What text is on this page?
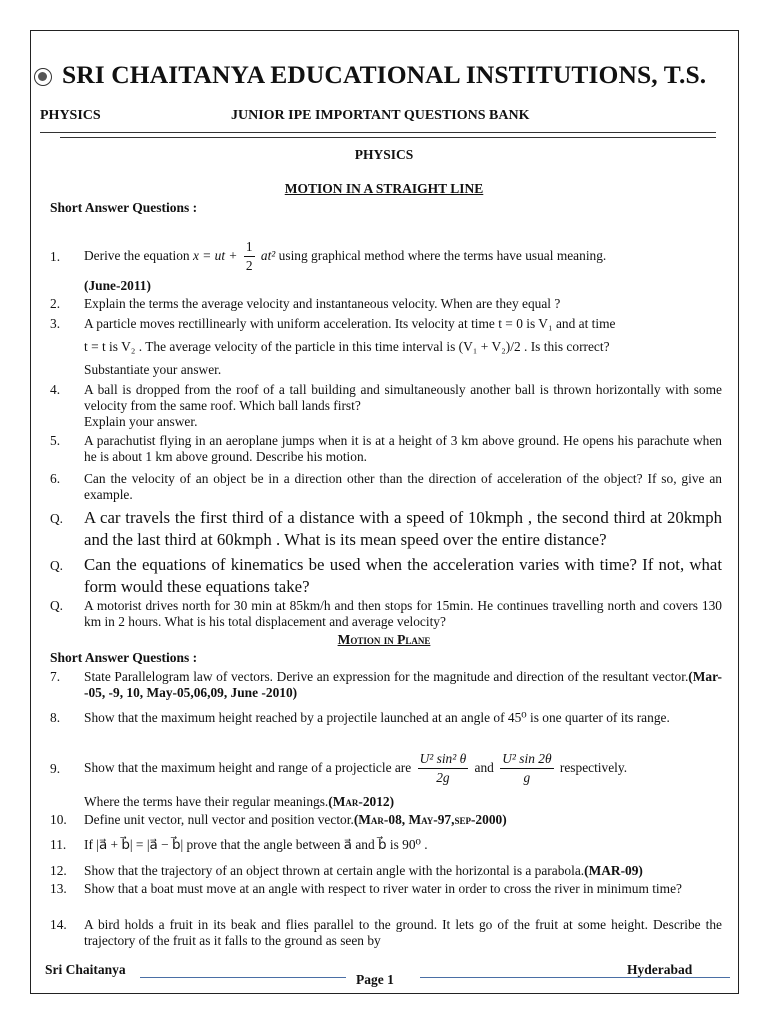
SRI CHAITANYA EDUCATIONAL INSTITUTIONS, T.S.
PHYSICS	JUNIOR IPE IMPORTANT QUESTIONS BANK
PHYSICS
MOTION IN A STRAIGHT LINE
Short Answer Questions :
1.	Derive the equation x = ut + $\frac{1}{2} at^2$ using graphical method where the terms have usual meaning.
(June-2011)
2.	Explain the terms the average velocity and instantaneous velocity. When are they equal ?
3.	A particle moves rectillinearly with uniform acceleration. Its velocity at time t = 0 is V₁ and at time
t = t is V₂ . The average velocity of the particle in this time interval is (V₁ + V₂)/2 . Is this correct?
Substantiate your answer.
4.	A ball is dropped from the roof of a tall building and simultaneously another ball is thrown horizontally with some velocity from the same roof. Which ball lands first?
Explain your answer.
5.	A parachutist flying in an aeroplane jumps when it is at a height of 3 km above ground. He opens his parachute when he is about 1 km above ground. Describe his motion.
6.	Can the velocity of an object be in a direction other than the direction of acceleration of the object? If so, give an example.
Q.	A car travels the first third of a distance with a speed of 10kmph , the second third at 20kmph and the last third at 60kmph . What is its mean speed over the entire distance?
Q.	Can the equations of kinematics be used when the acceleration varies with time? If not, what form would these equations take?
Q.	A motorist drives north for 30 min at 85km/h and then stops for 15min. He continues travelling north and covers 130 km in 2 hours. What is his total displacement and average velocity?
Motion in Plane
Short Answer Questions :
7.	State Parallelogram law of vectors. Derive an expression for the magnitude and direction of the resultant vector.(Mar- -05, -9, 10, May-05,06,09, June -2010)
8.	Show that the maximum height reached by a projectile launched at an angle of 45⁰ is one quarter of its range.
9.	Show that the maximum height and range of a projecticle are $\frac{\text{U² sin² θ}}{2g}$ and $\frac{\text{U² sin 2θ}}{g}$ respectively.
Where the terms have their regular meanings.(Mar-2012)
10.	Define unit vector, null vector and position vector.(Mar-08, May-97,sep-2000)
11.	If |a⃗ + b⃗| = |a⃗ − b⃗| prove that the angle between a⃗ and b⃗ is 90⁰ .
12.	Show that the trajectory of an object thrown at certain angle with the horizontal is a parabola.(MAR-09)
13.	Show that a boat must move at an angle with respect to river water in order to cross the river in minimum time?
14.	A bird holds a fruit in its beak and flies parallel to the ground. It lets go of the fruit at some height. Describe the trajectory of the fruit as it falls to the ground as seen by
Sri Chaitanya
Page 1
Hyderabad
